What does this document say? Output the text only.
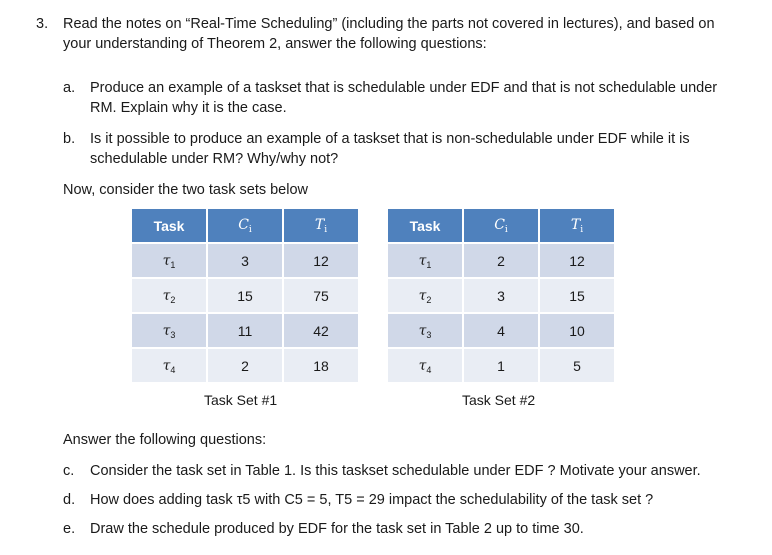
3. Read the notes on “Real-Time Scheduling” (including the parts not covered in lectures), and based on
your understanding of Theorem 2, answer the following questions:
a. Produce an example of a taskset that is schedulable under EDF and that is not schedulable under
RM. Explain why it is the case.
b. Is it possible to produce an example of a taskset that is non-schedulable under EDF while it is
schedulable under RM? Why/why not?
Now, consider the two task sets below
Task	$C_i$	$T_i$
$\tau_1$	3	12
$\tau_2$	15	75
$\tau_3$	11	42
$\tau_4$	2	18
Task Set #1
Task	$C_i$	$T_i$
$\tau_1$	2	12
$\tau_2$	3	15
$\tau_3$	4	10
$\tau_4$	1	5
Task Set #2
Answer the following questions:
c. Consider the task set in Table 1. Is this taskset schedulable under EDF ? Motivate your answer.
d. How does adding task τ5 with C5 = 5, T5 = 29 impact the schedulability of the task set ?
e. Draw the schedule produced by EDF for the task set in Table 2 up to time 30.
